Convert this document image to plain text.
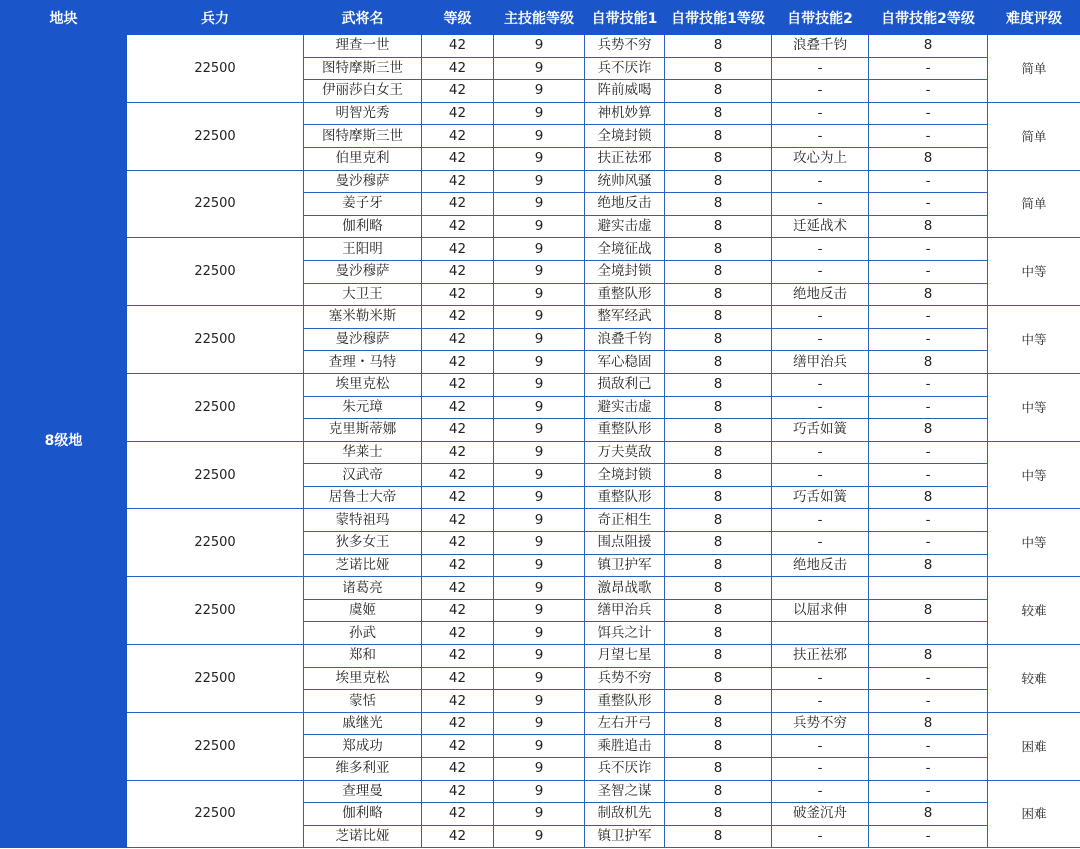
地块	兵力	武将名	等级	主技能等级	自带技能1	自带技能1等级	自带技能2	自带技能2等级	难度评级
8级地	22500	理查一世	42	9	兵势不穷	8	浪叠千钧	8	简单
		图特摩斯三世	42	9	兵不厌诈	8	-	-	
		伊丽莎白女王	42	9	阵前威喝	8	-	-	
	22500	明智光秀	42	9	神机妙算	8	-	-	简单
		图特摩斯三世	42	9	全境封锁	8	-	-	
		伯里克利	42	9	扶正祛邪	8	攻心为上	8	
	22500	曼沙穆萨	42	9	统帅风骚	8	-	-	简单
		姜子牙	42	9	绝地反击	8	-	-	
		伽利略	42	9	避实击虚	8	迁延战术	8	
	22500	王阳明	42	9	全境征战	8	-	-	中等
		曼沙穆萨	42	9	全境封锁	8	-	-	
		大卫王	42	9	重整队形	8	绝地反击	8	
	22500	塞米勒米斯	42	9	整军经武	8	-	-	中等
		曼沙穆萨	42	9	浪叠千钧	8	-	-	
		查理・马特	42	9	军心稳固	8	缮甲治兵	8	
	22500	埃里克松	42	9	损敌利己	8	-	-	中等
		朱元璋	42	9	避实击虚	8	-	-	
		克里斯蒂娜	42	9	重整队形	8	巧舌如簧	8	
	22500	华莱士	42	9	万夫莫敌	8	-	-	中等
		汉武帝	42	9	全境封锁	8	-	-	
		居鲁士大帝	42	9	重整队形	8	巧舌如簧	8	
	22500	蒙特祖玛	42	9	奇正相生	8	-	-	中等
		狄多女王	42	9	围点阻援	8	-	-	
		芝诺比娅	42	9	镇卫护军	8	绝地反击	8	
	22500	诸葛亮	42	9	激昂战歌	8			较难
		虞姬	42	9	缮甲治兵	8	以屈求伸	8	
		孙武	42	9	饵兵之计	8			
	22500	郑和	42	9	月望七星	8	扶正祛邪	8	较难
		埃里克松	42	9	兵势不穷	8	-	-	
		蒙恬	42	9	重整队形	8	-	-	
	22500	戚继光	42	9	左右开弓	8	兵势不穷	8	困难
		郑成功	42	9	乘胜追击	8	-	-	
		维多利亚	42	9	兵不厌诈	8	-	-	
	22500	查理曼	42	9	圣智之谋	8	-	-	困难
		伽利略	42	9	制敌机先	8	破釜沉舟	8	
		芝诺比娅	42	9	镇卫护军	8	-	-	
